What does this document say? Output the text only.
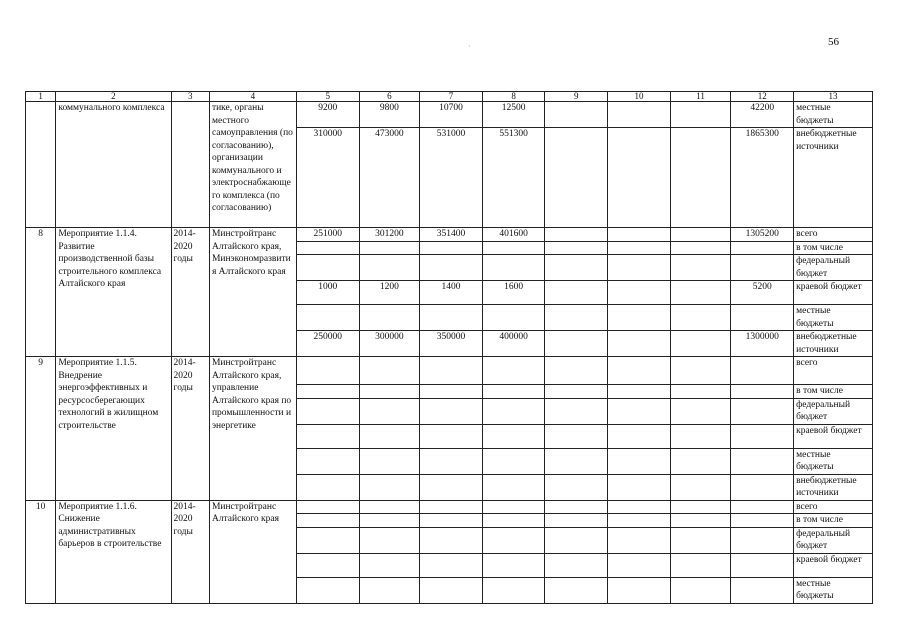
56
1	2	3	4	5	6	7	8	9	10	11	12	13
	коммунального комплекса		тике, органы местного самоуправления (по согласованию), организации коммунального и электроснабжающего комплекса (по согласованию)	9200	9800	10700	12500				42200	местные бюджеты
				310000	473000	531000	551300				1865300	внебюджетные источники
8	Мероприятие 1.1.4. Развитие производственной базы строительного комплекса Алтайского края	2014-2020 годы	Минстройтранс Алтайского края, Минэкономразвития Алтайского края	251000	301200	351400	401600				1305200	всего
												в том числе
												федеральный бюджет
				1000	1200	1400	1600				5200	краевой бюджет
												местные бюджеты
				250000	300000	350000	400000				1300000	внебюджетные источники
9	Мероприятие 1.1.5. Внедрение энергоэффективных и ресурсосберегающих технологий в жилищном строительстве	2014-2020 годы	Минстройтранс Алтайского края, управление Алтайского края по промышленности и энергетике									всего
												в том числе
												федеральный бюджет
												краевой бюджет
												местные бюджеты
												внебюджетные источники
10	Мероприятие 1.1.6. Снижение административных барьеров в строительстве	2014-2020 годы	Минстройтранс Алтайского края									всего
												в том числе
												федеральный бюджет
												краевой бюджет
												местные бюджеты
·
